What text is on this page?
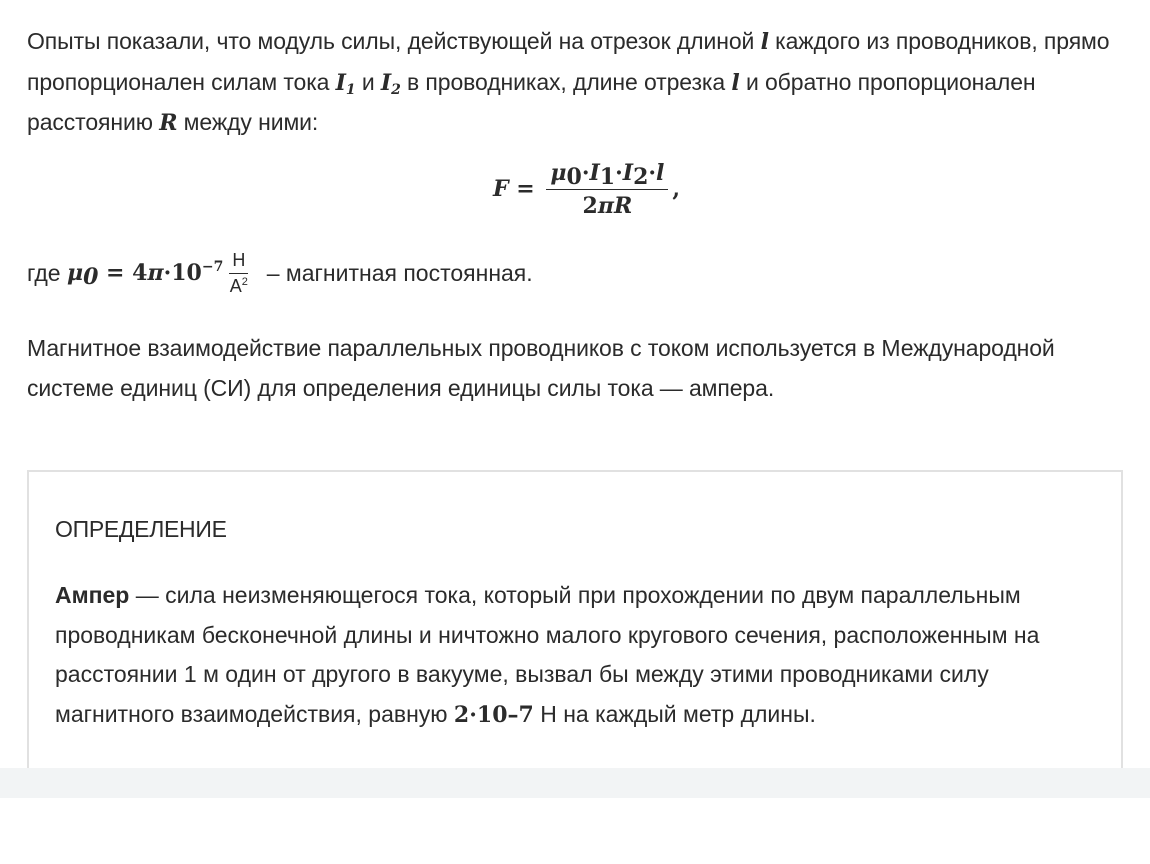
Опыты показали, что модуль силы, действующей на отрезок длиной l каждого из проводников, прямо пропорционален силам тока $I_1$ и $I_2$ в проводниках, длине отрезка l и обратно пропорционален расстоянию R между ними:

$F = \frac{\mu_0\cdot I_1\cdot I_2\cdot l}{2\pi R}$ ,
где $\mu_0 = 4$ $\pi \cdot 10^{-7} \frac{Н}{А^2}$ – магнитная постоянная.

Магнитное взаимодействие параллельных проводников с током используется в Международной системе единиц (СИ) для определения единицы силы тока — ампера.

ОПРЕДЕЛЕНИЕ
Ампер — сила неизменяющегося тока, который при прохождении по двум параллельным проводникам бесконечной длины и ничтожно малого кругового сечения, расположенным на расстоянии 1 м один от другого в вакууме, вызвал бы между этими проводниками силу магнитного взаимодействия, равную 2·10–7 Н на каждый метр длины.
